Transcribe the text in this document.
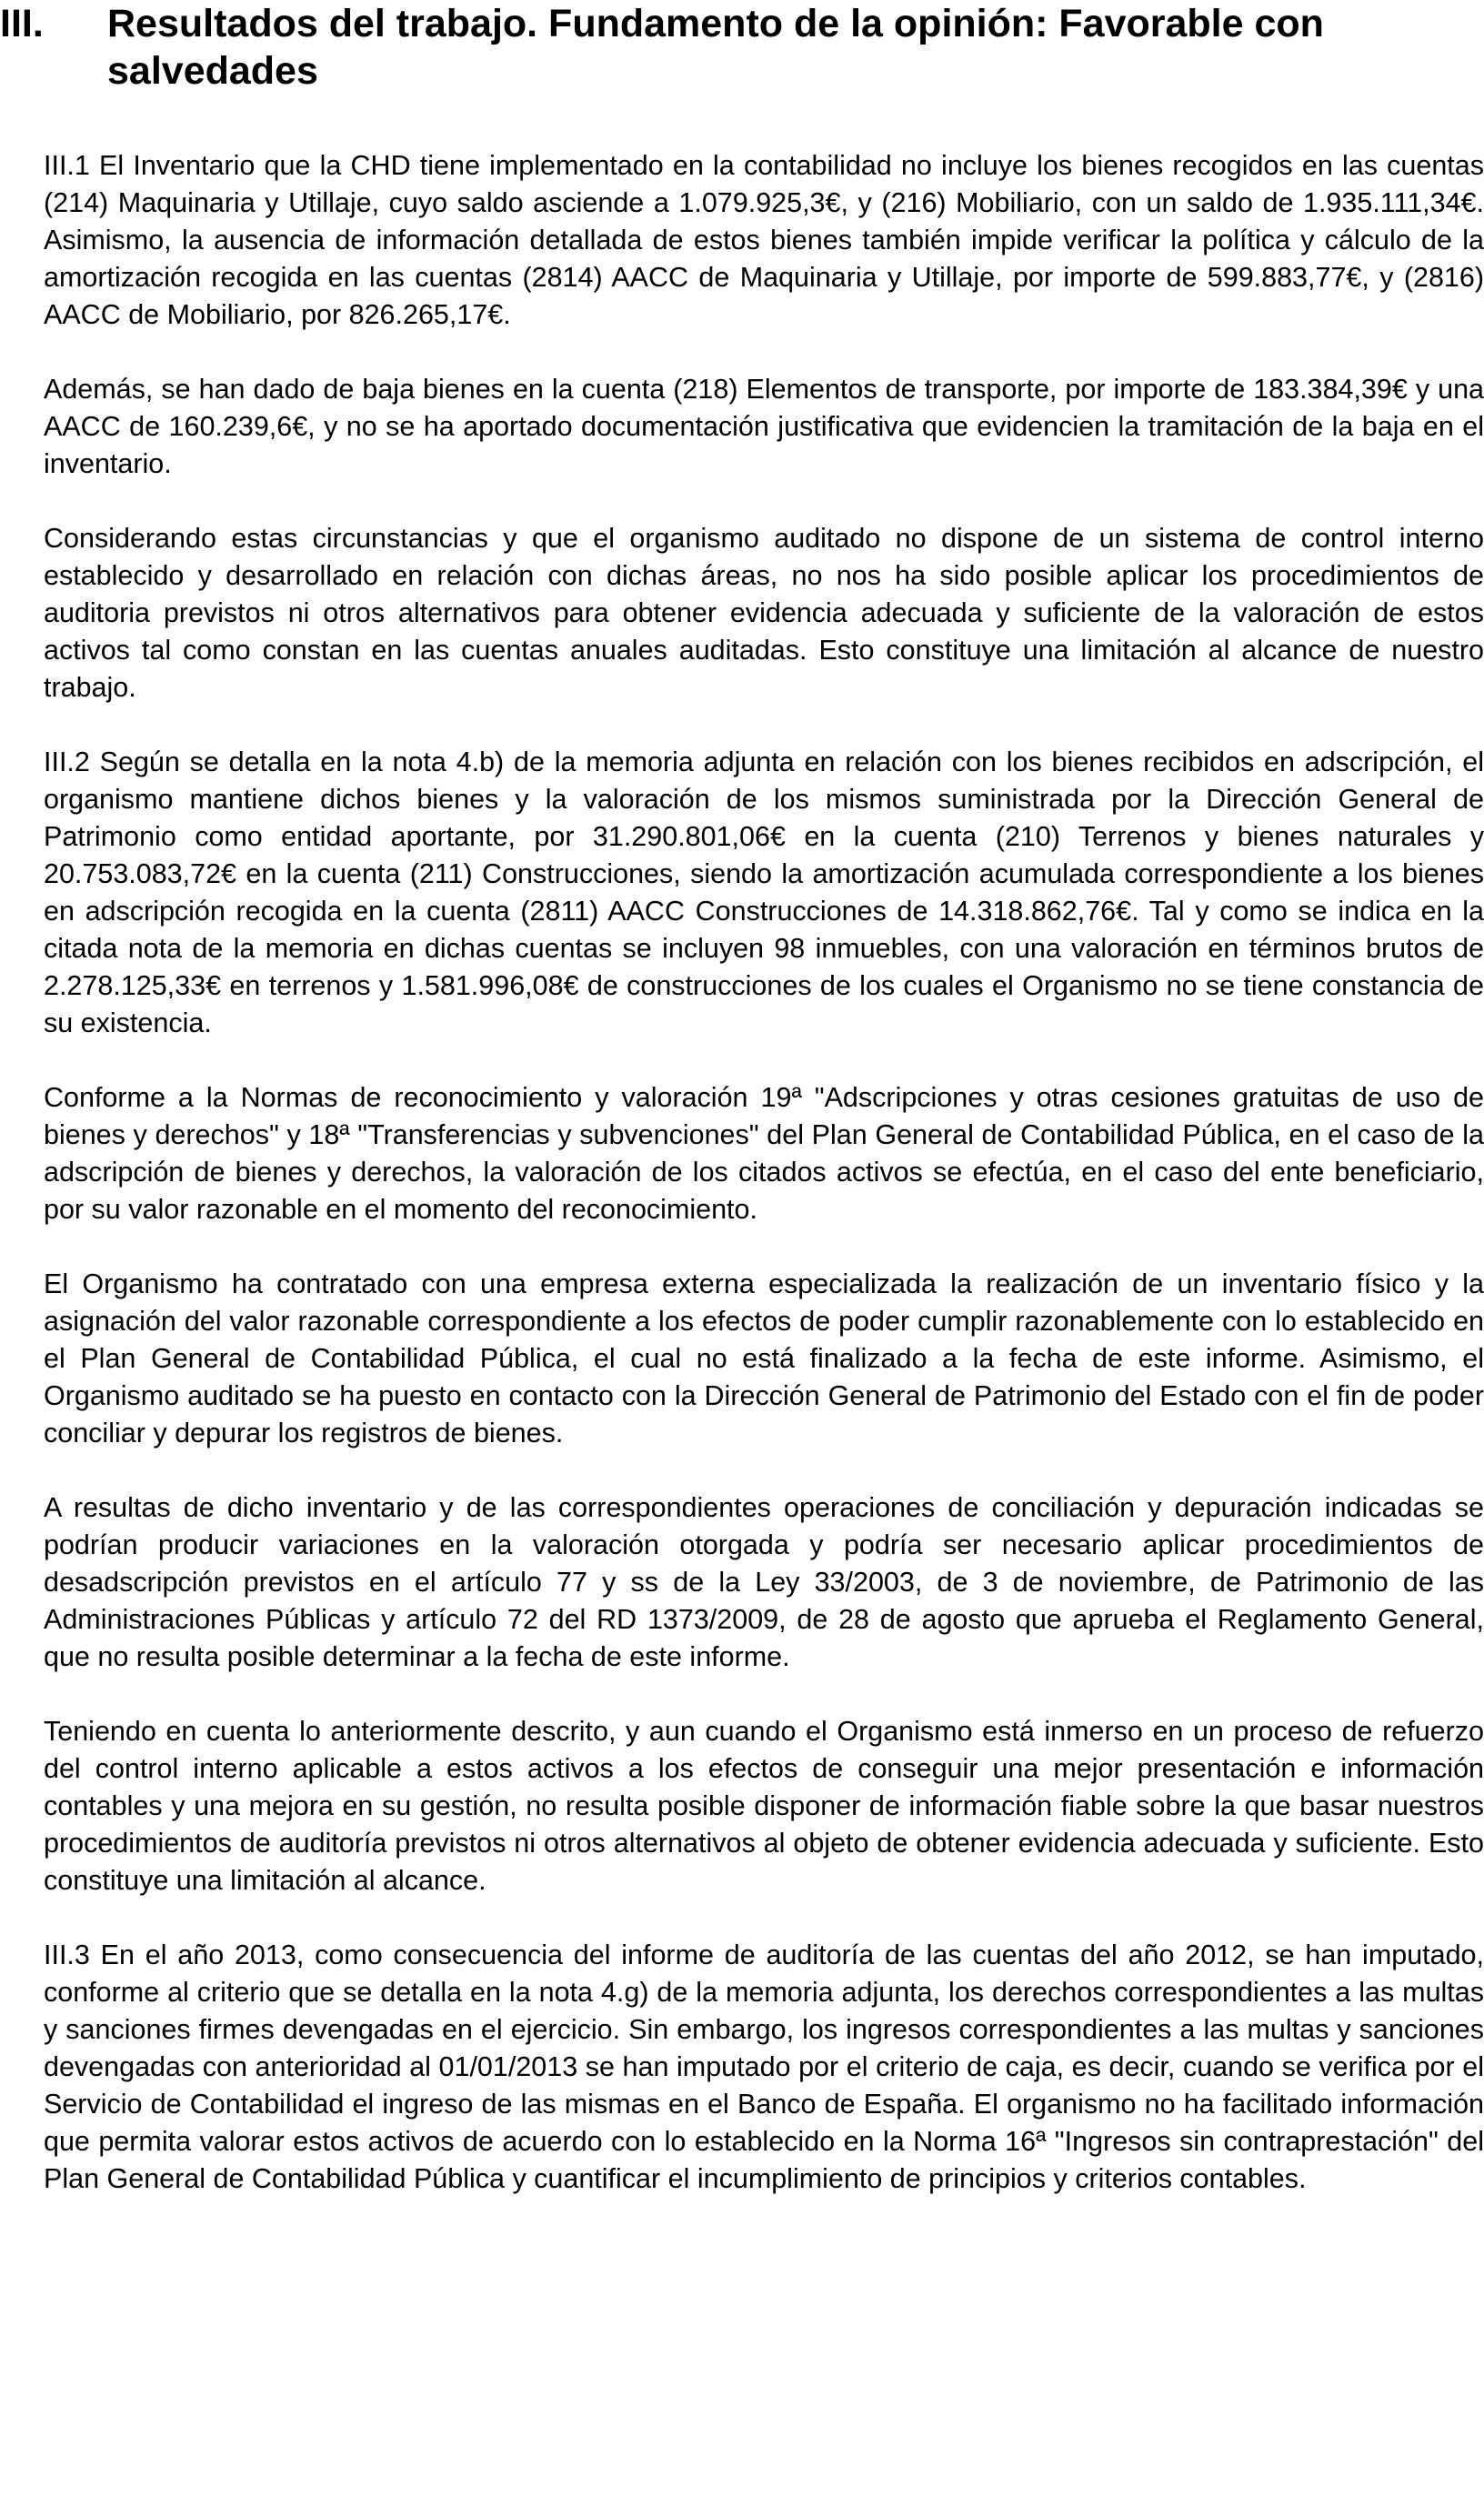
III.	Resultados del trabajo. Fundamento de la opinión: Favorable con salvedades

III.1 El Inventario que la CHD tiene implementado en la contabilidad no incluye los bienes recogidos en las cuentas (214) Maquinaria y Utillaje, cuyo saldo asciende a 1.079.925,3€, y (216) Mobiliario, con un saldo de 1.935.111,34€. Asimismo, la ausencia de información detallada de estos bienes también impide verificar la política y cálculo de la amortización recogida en las cuentas (2814) AACC de Maquinaria y Utillaje, por importe de 599.883,77€, y (2816) AACC de Mobiliario, por 826.265,17€.

Además, se han dado de baja bienes en la cuenta (218) Elementos de transporte, por importe de 183.384,39€ y una AACC de 160.239,6€, y no se ha aportado documentación justificativa que evidencien la tramitación de la baja en el inventario.

Considerando estas circunstancias y que el organismo auditado no dispone de un sistema de control interno establecido y desarrollado en relación con dichas áreas, no nos ha sido posible aplicar los procedimientos de auditoria previstos ni otros alternativos para obtener evidencia adecuada y suficiente de la valoración de estos activos tal como constan en las cuentas anuales auditadas. Esto constituye una limitación al alcance de nuestro trabajo.

III.2 Según se detalla en la nota 4.b) de la memoria adjunta en relación con los bienes recibidos en adscripción, el organismo mantiene dichos bienes y la valoración de los mismos suministrada por la Dirección General de Patrimonio como entidad aportante, por 31.290.801,06€ en la cuenta (210) Terrenos y bienes naturales y 20.753.083,72€ en la cuenta (211) Construcciones, siendo la amortización acumulada correspondiente a los bienes en adscripción recogida en la cuenta (2811) AACC Construcciones de 14.318.862,76€. Tal y como se indica en la citada nota de la memoria en dichas cuentas se incluyen 98 inmuebles, con una valoración en términos brutos de 2.278.125,33€ en terrenos y 1.581.996,08€ de construcciones de los cuales el Organismo no se tiene constancia de su existencia.

Conforme a la Normas de reconocimiento y valoración 19ª "Adscripciones y otras cesiones gratuitas de uso de bienes y derechos" y 18ª "Transferencias y subvenciones" del Plan General de Contabilidad Pública, en el caso de la adscripción de bienes y derechos, la valoración de los citados activos se efectúa, en el caso del ente beneficiario, por su valor razonable en el momento del reconocimiento.

El Organismo ha contratado con una empresa externa especializada la realización de un inventario físico y la asignación del valor razonable correspondiente a los efectos de poder cumplir razonablemente con lo establecido en el Plan General de Contabilidad Pública, el cual no está finalizado a la fecha de este informe. Asimismo, el Organismo auditado se ha puesto en contacto con la Dirección General de Patrimonio del Estado con el fin de poder conciliar y depurar los registros de bienes.

A resultas de dicho inventario y de las correspondientes operaciones de conciliación y depuración indicadas se podrían producir variaciones en la valoración otorgada y podría ser necesario aplicar procedimientos de desadscripción previstos en el artículo 77 y ss de la Ley 33/2003, de 3 de noviembre, de Patrimonio de las Administraciones Públicas y artículo 72 del RD 1373/2009, de 28 de agosto que aprueba el Reglamento General, que no resulta posible determinar a la fecha de este informe.

Teniendo en cuenta lo anteriormente descrito, y aun cuando el Organismo está inmerso en un proceso de refuerzo del control interno aplicable a estos activos a los efectos de conseguir una mejor presentación e información contables y una mejora en su gestión, no resulta posible disponer de información fiable sobre la que basar nuestros procedimientos de auditoría previstos ni otros alternativos al objeto de obtener evidencia adecuada y suficiente. Esto constituye una limitación al alcance.

III.3 En el año 2013, como consecuencia del informe de auditoría de las cuentas del año 2012, se han imputado, conforme al criterio que se detalla en la nota 4.g) de la memoria adjunta, los derechos correspondientes a las multas y sanciones firmes devengadas en el ejercicio. Sin embargo, los ingresos correspondientes a las multas y sanciones devengadas con anterioridad al 01/01/2013 se han imputado por el criterio de caja, es decir, cuando se verifica por el Servicio de Contabilidad el ingreso de las mismas en el Banco de España. El organismo no ha facilitado información que permita valorar estos activos de acuerdo con lo establecido en la Norma 16ª "Ingresos sin contraprestación" del Plan General de Contabilidad Pública y cuantificar el incumplimiento de principios y criterios contables.
